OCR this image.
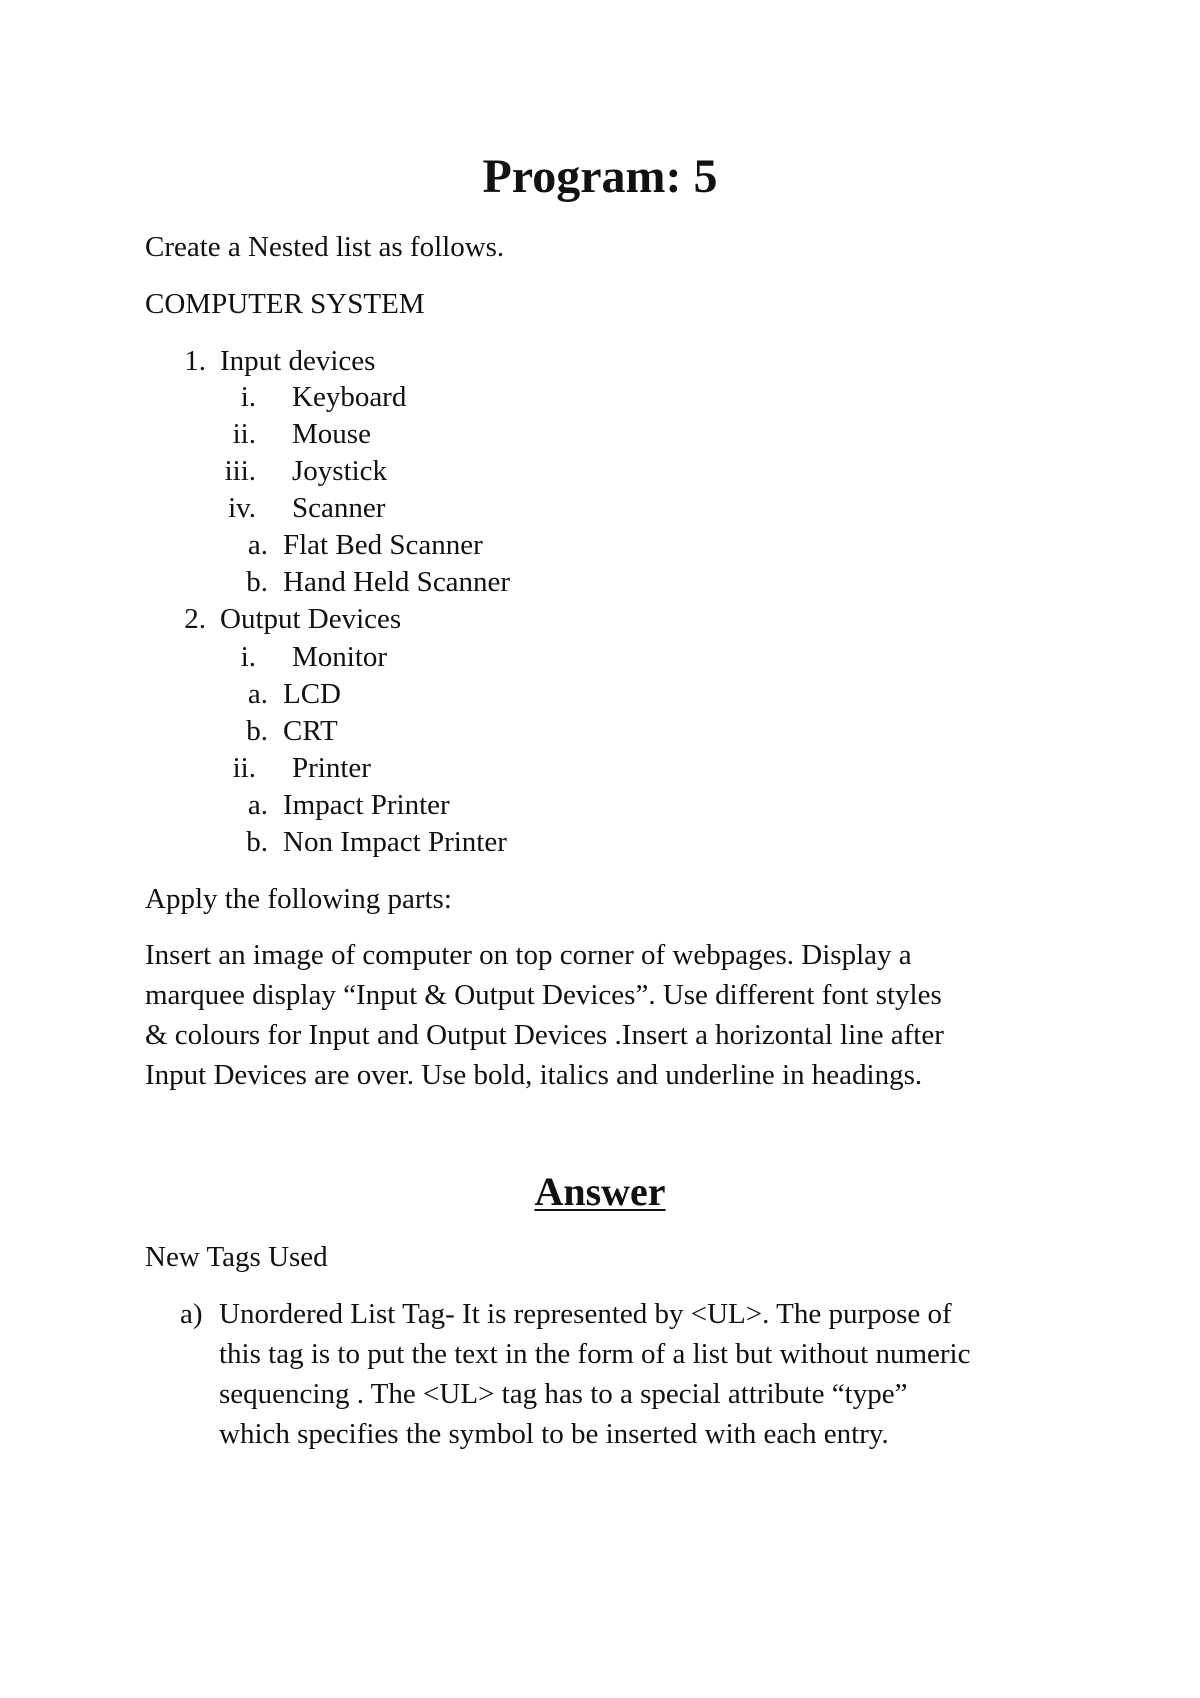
Program: 5
Create a Nested list as follows.
COMPUTER SYSTEM
1. Input devices
i. Keyboard
ii. Mouse
iii. Joystick
iv. Scanner
a. Flat Bed Scanner
b. Hand Held Scanner
2. Output Devices
i. Monitor
a. LCD
b. CRT
ii. Printer
a. Impact Printer
b. Non Impact Printer
Apply the following parts:
Insert an image of computer on top corner of webpages. Display a
marquee display “Input & Output Devices”. Use different font styles
& colours for Input and Output Devices .Insert a horizontal line after
Input Devices are over. Use bold, italics and underline in headings.
Answer
New Tags Used
a) Unordered List Tag- It is represented by <UL>. The purpose of
this tag is to put the text in the form of a list but without numeric
sequencing . The <UL> tag has to a special attribute “type”
which specifies the symbol to be inserted with each entry.
